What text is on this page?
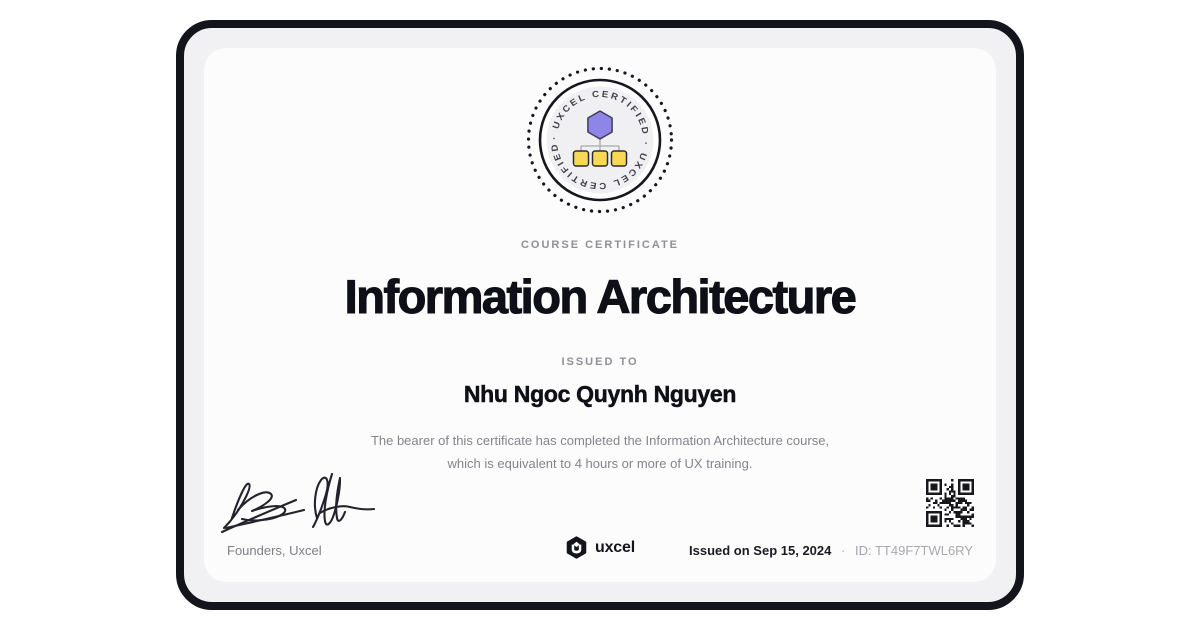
· UXCEL CERTIFIED · UXCEL CERTIFIED
COURSE CERTIFICATE
Information Architecture
ISSUED TO
Nhu Ngoc Quynh Nguyen
The bearer of this certificate has completed the Information Architecture course,
which is equivalent to 4 hours or more of UX training.
Founders, Uxcel	uxcel	Issued on Sep 15, 2024 · ID: TT49F7TWL6RY
